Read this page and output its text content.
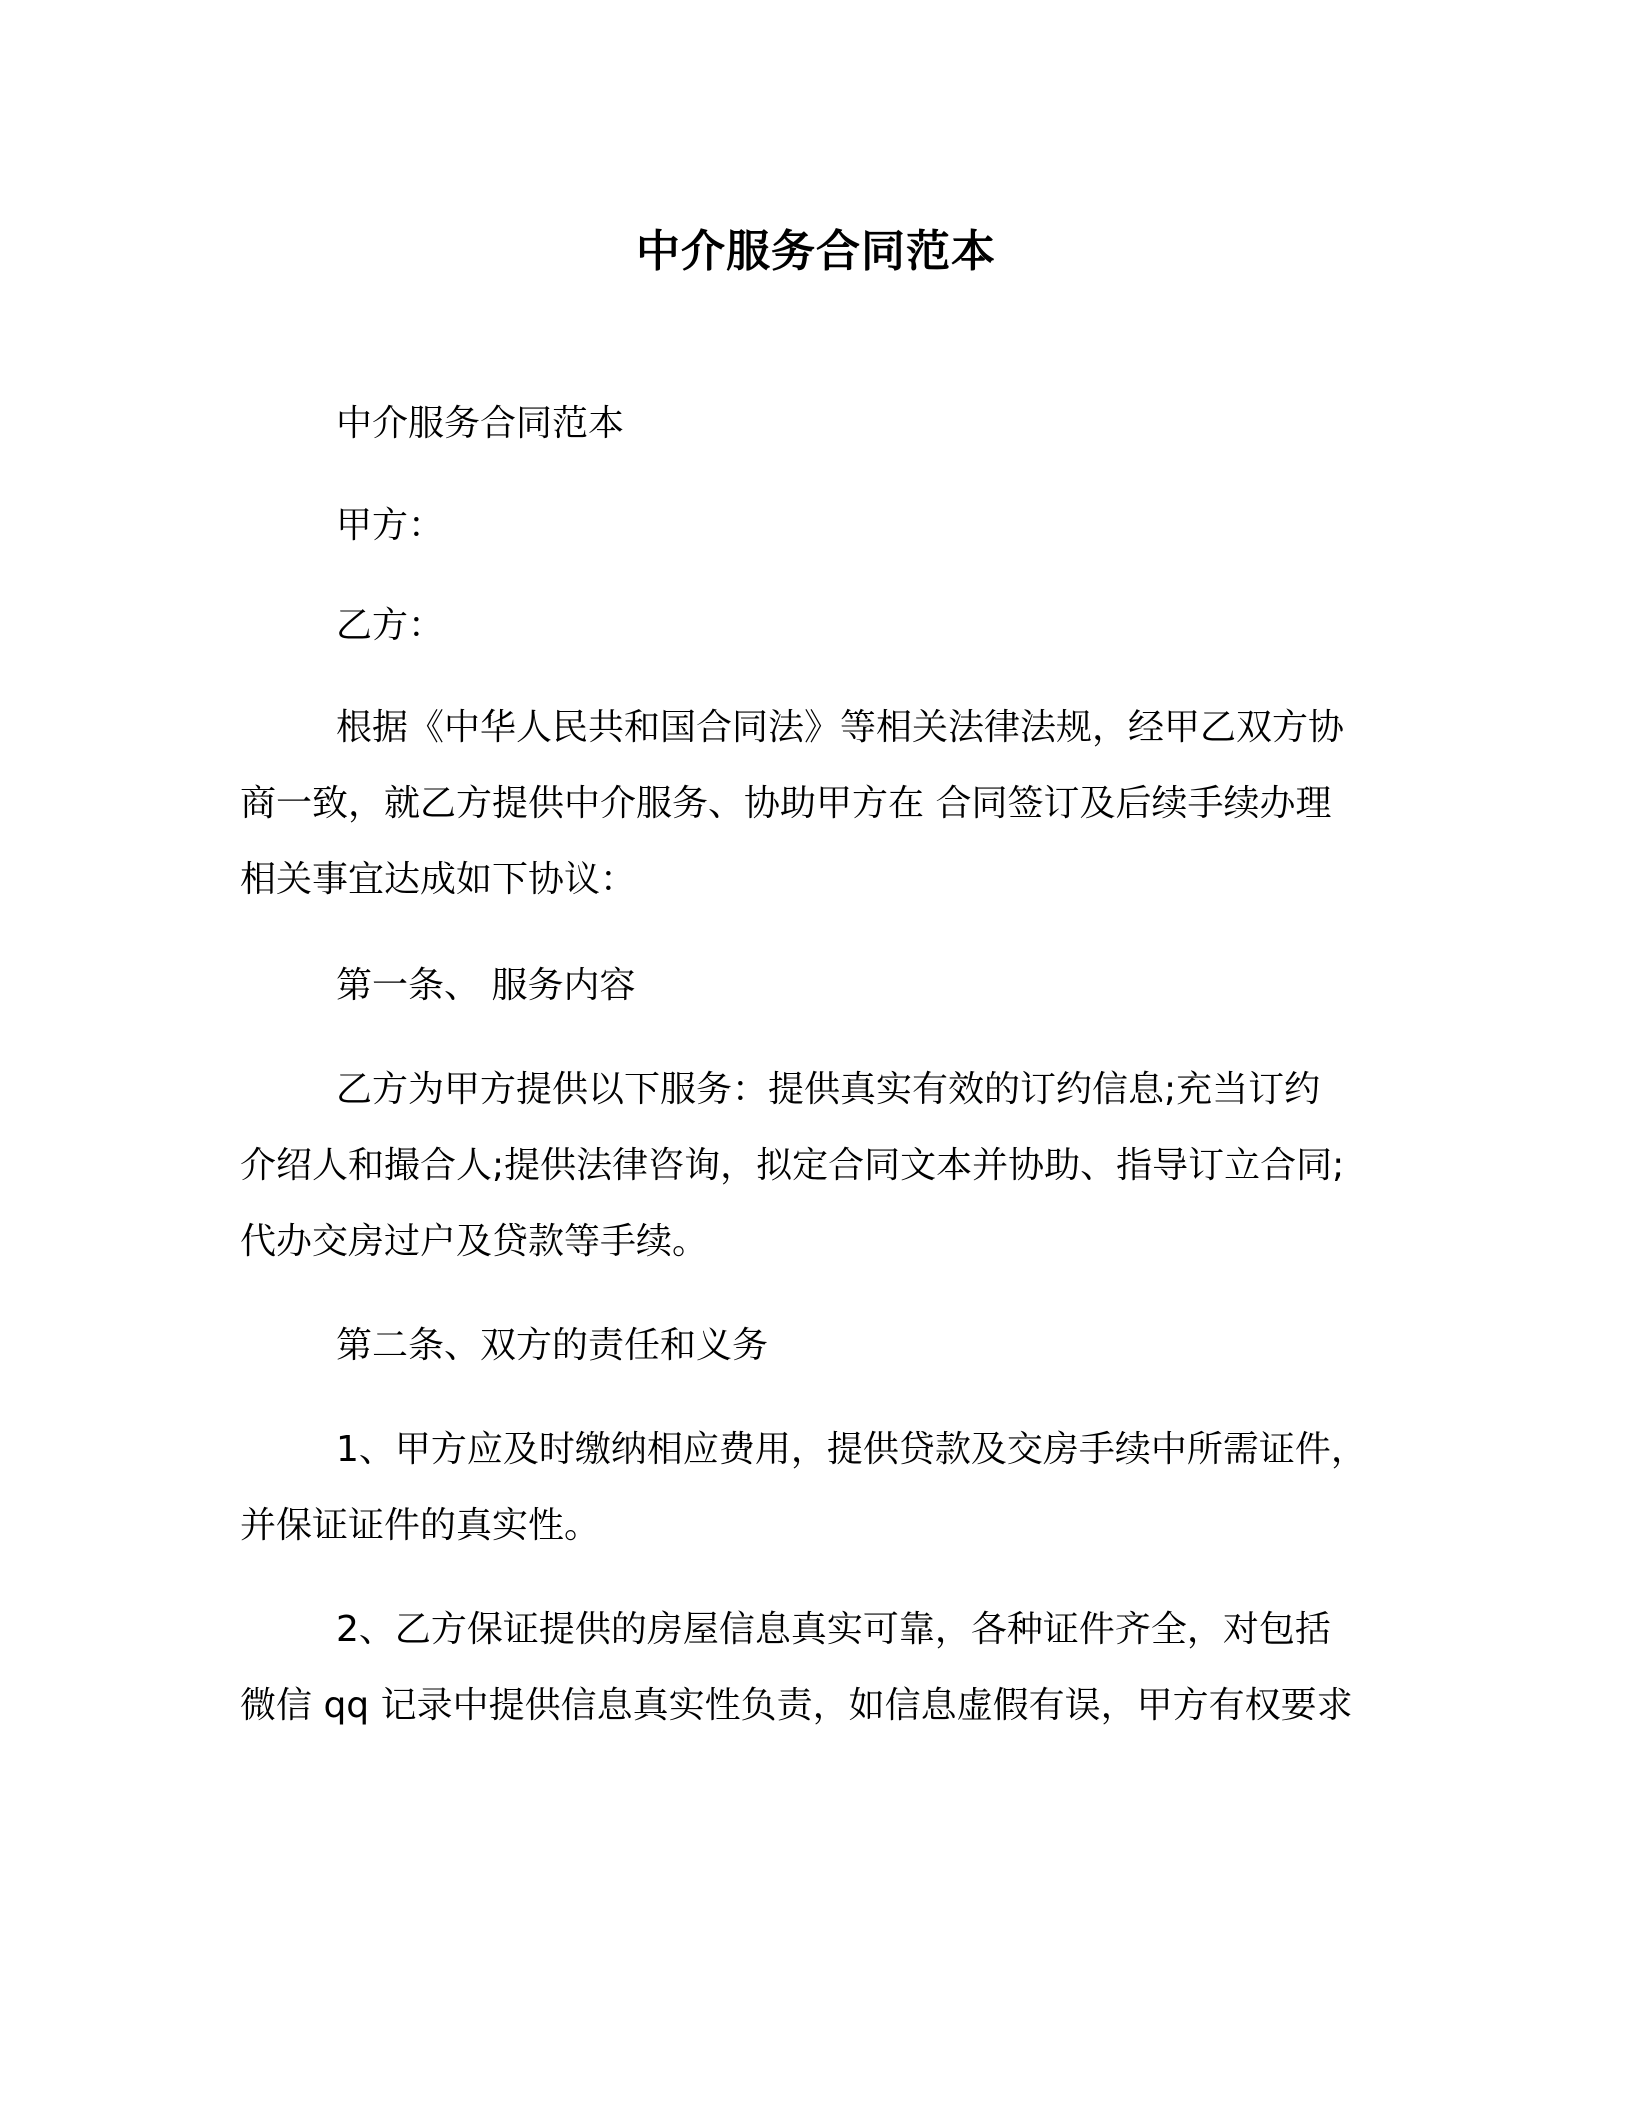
中介服务合同范本
中介服务合同范本
甲方：
乙方：
根据《中华人民共和国合同法》等相关法律法规，经甲乙双方协
商一致，就乙方提供中介服务、协助甲方在 合同签订及后续手续办理
相关事宜达成如下协议：
第一条、 服务内容
乙方为甲方提供以下服务：提供真实有效的订约信息;充当订约
介绍人和撮合人;提供法律咨询，拟定合同文本并协助、指导订立合同;
代办交房过户及贷款等手续。
第二条、双方的责任和义务
1、甲方应及时缴纳相应费用，提供贷款及交房手续中所需证件，
并保证证件的真实性。
2、乙方保证提供的房屋信息真实可靠，各种证件齐全，对包括
微信 qq 记录中提供信息真实性负责，如信息虚假有误，甲方有权要求
